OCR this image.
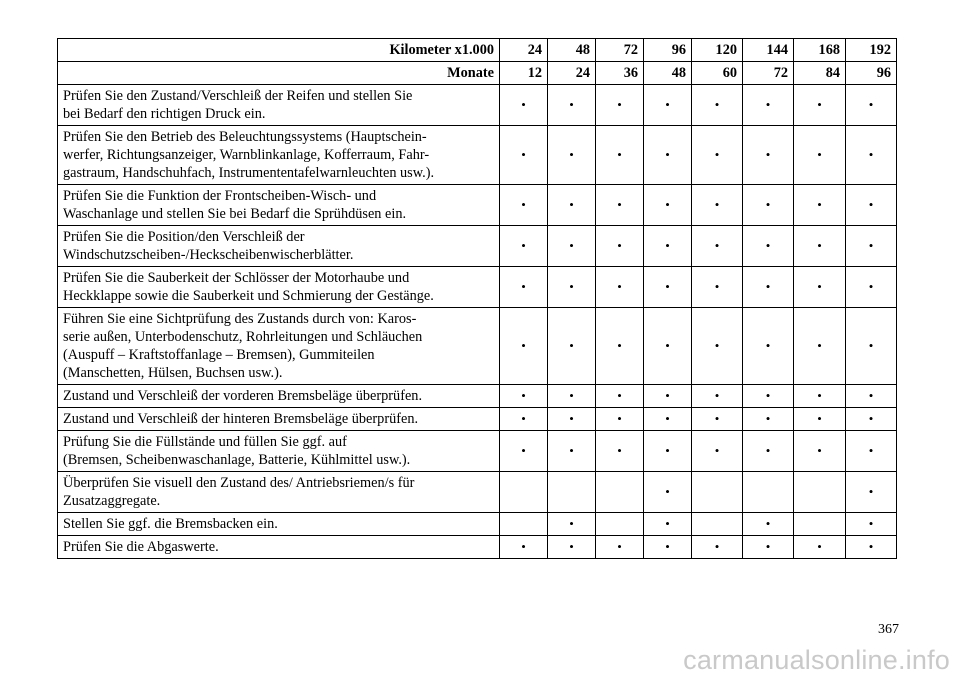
Kilometer x1.000	24	48	72	96	120	144	168	192
Monate	12	24	36	48	60	72	84	96

Prüfen Sie den Zustand/Verschleiß der Reifen und stellen Sie
bei Bedarf den richtigen Druck ein.	•	•	•	•	•	•	•	•

Prüfen Sie den Betrieb des Beleuchtungssystems (Hauptschein-
werfer, Richtungsanzeiger, Warnblinkanlage, Kofferraum, Fahr-
gastraum, Handschuhfach, Instrumententafelwarnleuchten usw.).	•	•	•	•	•	•	•	•

Prüfen Sie die Funktion der Frontscheiben-Wisch- und
Waschanlage und stellen Sie bei Bedarf die Sprühdüsen ein.	•	•	•	•	•	•	•	•

Prüfen Sie die Position/den Verschleiß der
Windschutzscheiben-/Heckscheibenwischerblätter.	•	•	•	•	•	•	•	•

Prüfen Sie die Sauberkeit der Schlösser der Motorhaube und
Heckklappe sowie die Sauberkeit und Schmierung der Gestänge.	•	•	•	•	•	•	•	•

Führen Sie eine Sichtprüfung des Zustands durch von: Karos-
serie außen, Unterbodenschutz, Rohrleitungen und Schläuchen
(Auspuff – Kraftstoffanlage – Bremsen), Gummiteilen
(Manschetten, Hülsen, Buchsen usw.).	•	•	•	•	•	•	•	•

Zustand und Verschleiß der vorderen Bremsbeläge überprüfen.	•	•	•	•	•	•	•	•

Zustand und Verschleiß der hinteren Bremsbeläge überprüfen.	•	•	•	•	•	•	•	•

Prüfung Sie die Füllstände und füllen Sie ggf. auf
(Bremsen, Scheibenwaschanlage, Batterie, Kühlmittel usw.).	•	•	•	•	•	•	•	•

Überprüfen Sie visuell den Zustand des/ Antriebsriemen/s für
Zusatzaggregate.				•				•

Stellen Sie ggf. die Bremsbacken ein.		•		•		•		•

Prüfen Sie die Abgaswerte.	•	•	•	•	•	•	•	•
367
carmanualsonline.info
